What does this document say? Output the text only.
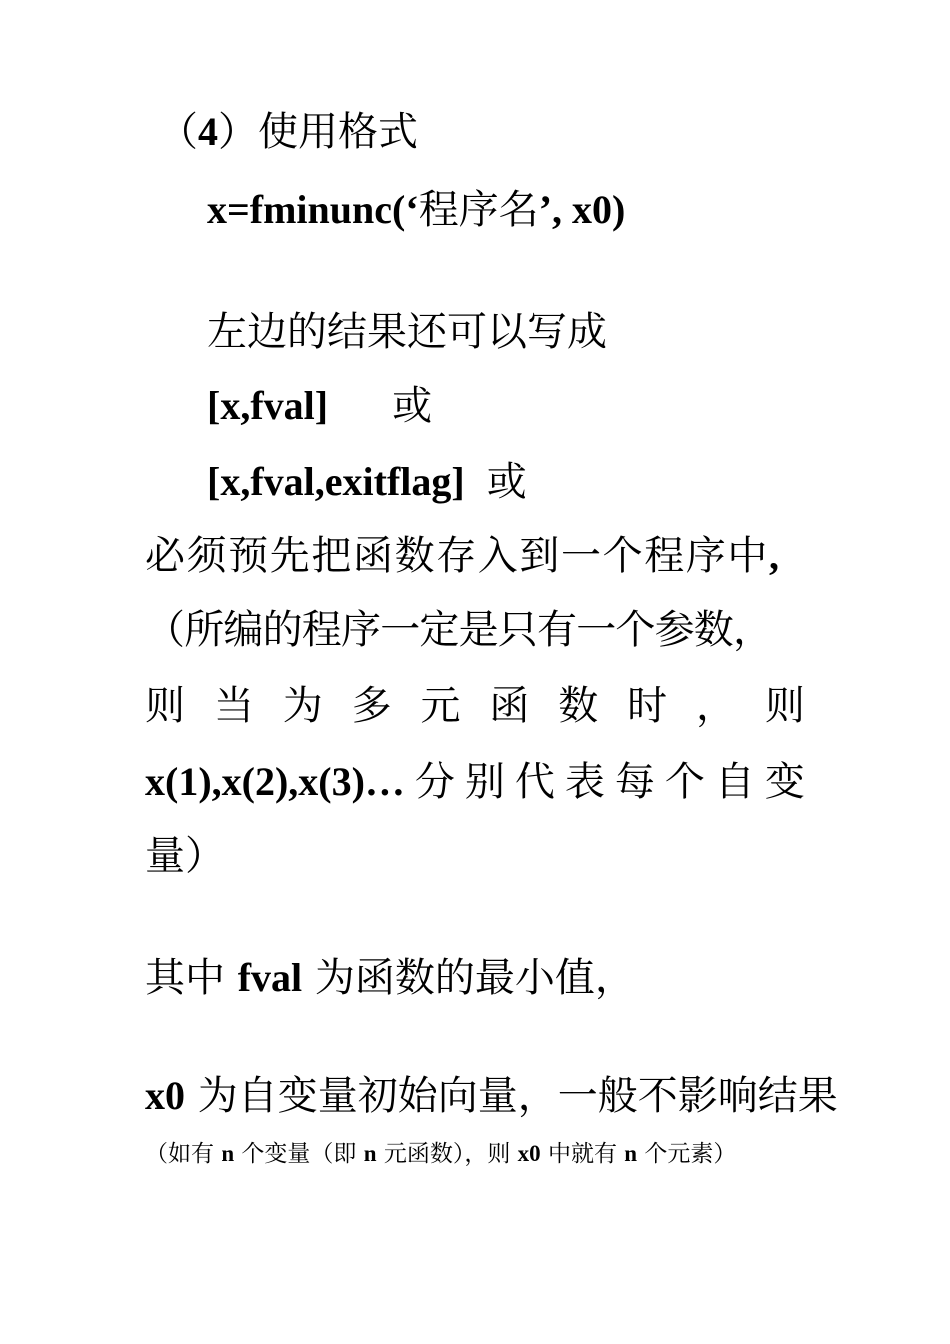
（4）使用格式
x=fminunc(‘程序名’, x0)
左边的结果还可以写成
[x,fval] 或
[x,fval,exitflag] 或
必须预先把函数存入到一个程序中,
（所编的程序一定是只有一个参数，
则 当 为 多 元 函 数 时 ， 则
x(1),x(2),x(3)… 分 别 代 表 每 个 自 变
量）
其中 fval 为函数的最小值，
x0 为自变量初始向量，一般不影响结果
（如有 n 个变量（即 n 元函数），则 x0 中就有 n 个元素）
